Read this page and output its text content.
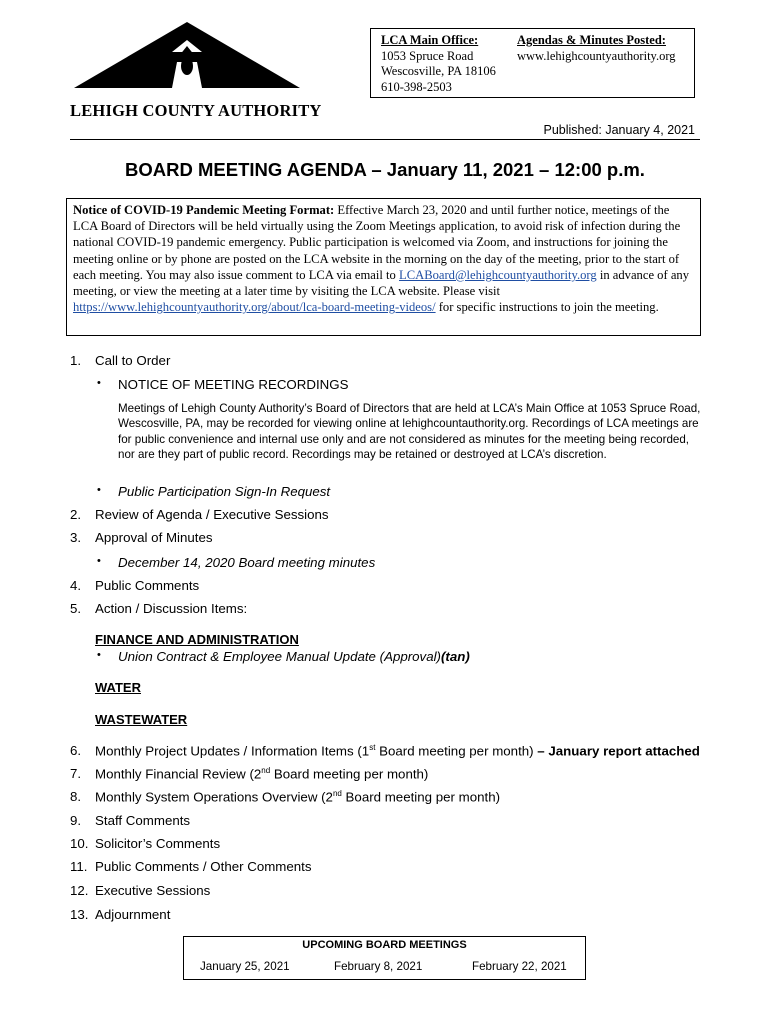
LEHIGH COUNTY AUTHORITY
LCA Main Office:
1053 Spruce Road
Wescosville, PA 18106
610-398-2503
Agendas & Minutes Posted:
www.lehighcountyauthority.org
Published: January 4, 2021
BOARD MEETING AGENDA – January 11, 2021 – 12:00 p.m.
Notice of COVID-19 Pandemic Meeting Format: Effective March 23, 2020 and until further notice, meetings of the LCA Board of Directors will be held virtually using the Zoom Meetings application, to avoid risk of infection during the national COVID-19 pandemic emergency. Public participation is welcomed via Zoom, and instructions for joining the meeting online or by phone are posted on the LCA website in the morning on the day of the meeting, prior to the start of each meeting. You may also issue comment to LCA via email to LCABoard@lehighcountyauthority.org in advance of any meeting, or view the meeting at a later time by visiting the LCA website. Please visit https://www.lehighcountyauthority.org/about/lca-board-meeting-videos/ for specific instructions to join the meeting.
1. Call to Order
• NOTICE OF MEETING RECORDINGS
Meetings of Lehigh County Authority’s Board of Directors that are held at LCA’s Main Office at 1053 Spruce Road, Wescosville, PA, may be recorded for viewing online at lehighcountauthority.org. Recordings of LCA meetings are for public convenience and internal use only and are not considered as minutes for the meeting being recorded, nor are they part of public record. Recordings may be retained or destroyed at LCA’s discretion.
• Public Participation Sign-In Request
2. Review of Agenda / Executive Sessions
3. Approval of Minutes
• December 14, 2020 Board meeting minutes
4. Public Comments
5. Action / Discussion Items:
FINANCE AND ADMINISTRATION
• Union Contract & Employee Manual Update (Approval)(tan)
WATER
WASTEWATER
6. Monthly Project Updates / Information Items (1st Board meeting per month) – January report attached
7. Monthly Financial Review (2nd Board meeting per month)
8. Monthly System Operations Overview (2nd Board meeting per month)
9. Staff Comments
10. Solicitor’s Comments
11. Public Comments / Other Comments
12. Executive Sessions
13. Adjournment
UPCOMING BOARD MEETINGS
January 25, 2021	February 8, 2021	February 22, 2021
